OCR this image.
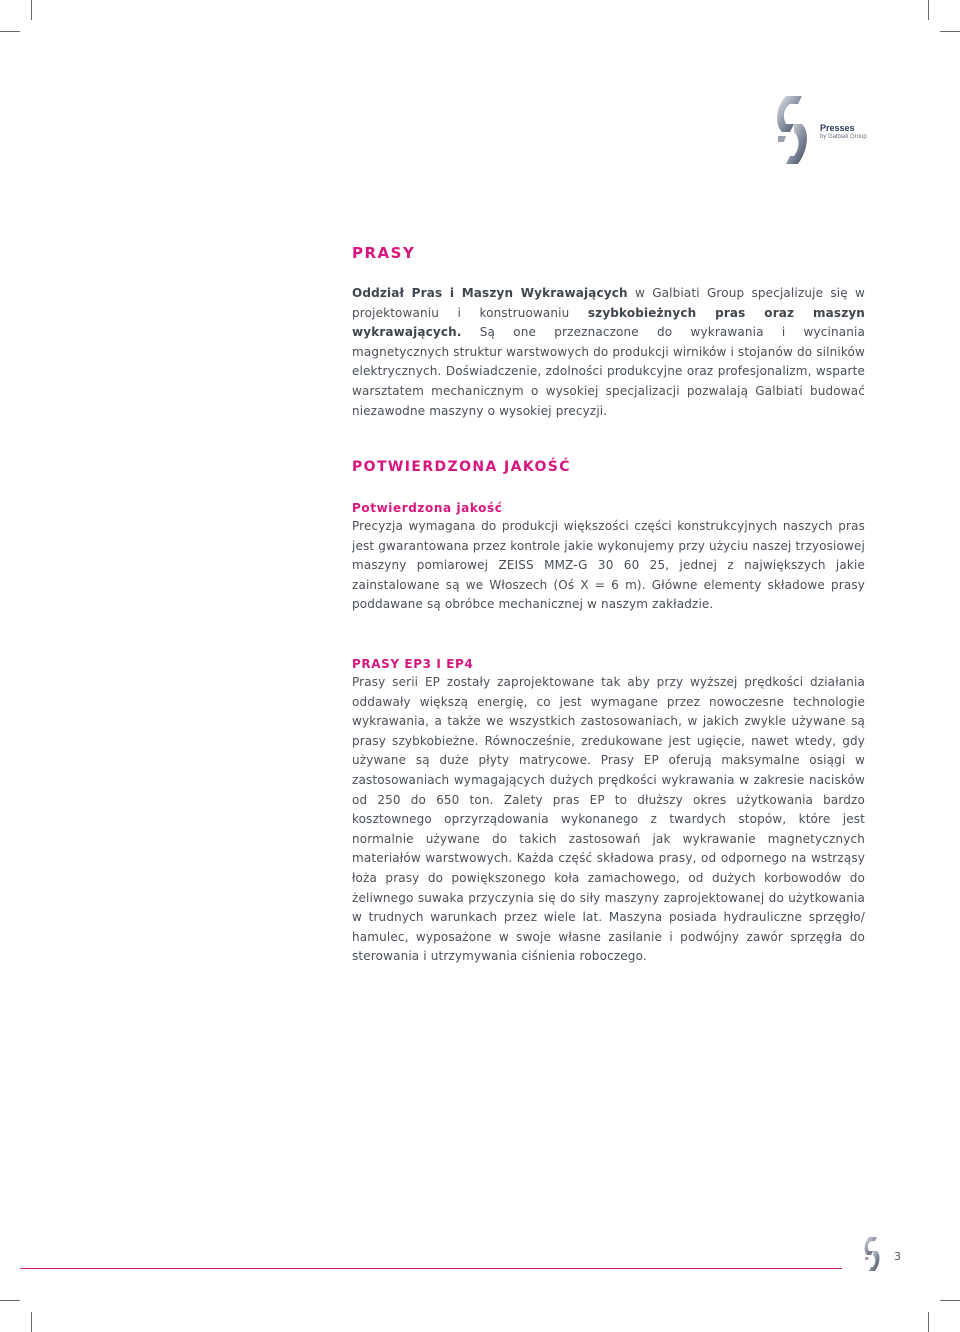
Presses
by Galbiati Group
PRASY

Oddział Pras i Maszyn Wykrawających w Galbiati Group specjalizuje się w projektowaniu i konstruowaniu szybkobieżnych pras oraz maszyn wykrawających. Są one przeznaczone do wykrawania i wycinania magnetycznych struktur warstwowych do produkcji wirników i stojanów do silników elektrycznych. Doświadczenie, zdolności produkcyjne oraz profesjonalizm, wsparte warsztatem mechanicznym o wysokiej specjalizacji pozwalają Galbiati budować niezawodne maszyny o wysokiej precyzji.

POTWIERDZONA JAKOŚĆ
Potwierdzona jakość

Precyzja wymagana do produkcji większości części konstrukcyjnych naszych pras jest gwarantowana przez kontrole jakie wykonujemy przy użyciu naszej trzyosiowej maszyny pomiarowej ZEISS MMZ-G 30 60 25, jednej z największych jakie zainstalowane są we Włoszech (Oś X = 6 m). Główne elementy składowe prasy poddawane są obróbce mechanicznej w naszym zakładzie.

PRASY EP3 I EP4

Prasy serii EP zostały zaprojektowane tak aby przy wyższej prędkości działania oddawały większą energię, co jest wymagane przez nowoczesne technologie wykrawania, a także we wszystkich zastosowaniach, w jakich zwykle używane są prasy szybkobieżne. Równocześnie, zredukowane jest ugięcie, nawet wtedy, gdy używane są duże płyty matrycowe. Prasy EP oferują maksymalne osiągi w zastosowaniach wymagających dużych prędkości wykrawania w zakresie nacisków od 250 do 650 ton. Zalety pras EP to dłuższy okres użytkowania bardzo kosztownego oprzyrządowania wykonanego z twardych stopów, które jest normalnie używane do takich zastosowań jak wykrawanie magnetycznych materiałów warstwowych. Każda część składowa prasy, od odpornego na wstrząsy łoża prasy do powiększonego koła zamachowego, od dużych korbowodów do żeliwnego suwaka przyczynia się do siły maszyny zaprojektowanej do użytkowania w trudnych warunkach przez wiele lat. Maszyna posiada hydrauliczne sprzęgło/ hamulec, wyposażone w swoje własne zasilanie i podwójny zawór sprzęgła do sterowania i utrzymywania ciśnienia roboczego.

3
